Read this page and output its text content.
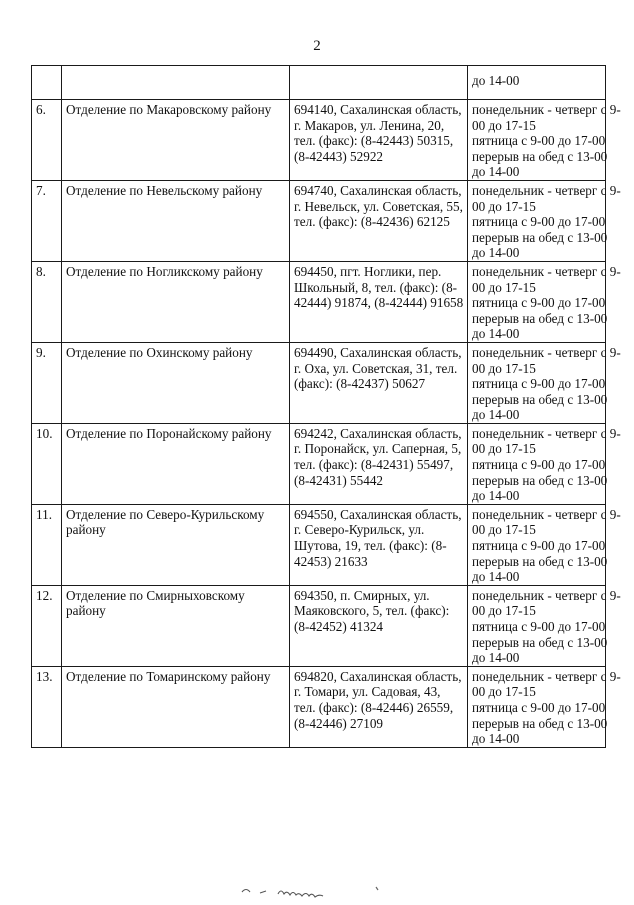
2
			до 14-00
6.	Отделение по Макаровскому району	694140, Сахалинская область, г. Макаров, ул. Ленина, 20, тел. (факс): (8-42443) 50315, (8-42443) 52922	понедельник - четверг с 9-
00 до 17-15
пятница с 9-00 до 17-00
перерыв на обед с 13-00
до 14-00

7.	Отделение по Невельскому району	694740, Сахалинская область, г. Невельск, ул. Советская, 55, тел. (факс): (8-42436) 62125	понедельник - четверг с 9-
00 до 17-15
пятница с 9-00 до 17-00
перерыв на обед с 13-00
до 14-00

8.	Отделение по Ногликскому району	694450, пгт. Ноглики, пер. Школьный, 8, тел. (факс): (8-42444) 91874, (8-42444) 91658	понедельник - четверг с 9-
00 до 17-15
пятница с 9-00 до 17-00
перерыв на обед с 13-00
до 14-00

9.	Отделение по Охинскому району	694490, Сахалинская область, г. Оха, ул. Советская, 31, тел. (факс): (8-42437) 50627	понедельник - четверг с 9-
00 до 17-15
пятница с 9-00 до 17-00
перерыв на обед с 13-00
до 14-00

10.	Отделение по Поронайскому району	694242, Сахалинская область, г. Поронайск, ул. Саперная, 5, тел. (факс): (8-42431) 55497, (8-42431) 55442	понедельник - четверг с 9-
00 до 17-15
пятница с 9-00 до 17-00
перерыв на обед с 13-00
до 14-00

11.	Отделение по Северо-Курильскому району	694550, Сахалинская область, г. Северо-Курильск, ул. Шутова, 19, тел. (факс): (8-42453) 21633	понедельник - четверг с 9-
00 до 17-15
пятница с 9-00 до 17-00
перерыв на обед с 13-00
до 14-00

12.	Отделение по Смирныховскому району	694350, п. Смирных, ул. Маяковского, 5, тел. (факс): (8-42452) 41324	понедельник - четверг с 9-
00 до 17-15
пятница с 9-00 до 17-00
перерыв на обед с 13-00
до 14-00

13.	Отделение по Томаринскому району	694820, Сахалинская область, г. Томари, ул. Садовая, 43, тел. (факс): (8-42446) 26559, (8-42446) 27109	понедельник - четверг с 9-
00 до 17-15
пятница с 9-00 до 17-00
перерыв на обед с 13-00
до 14-00
